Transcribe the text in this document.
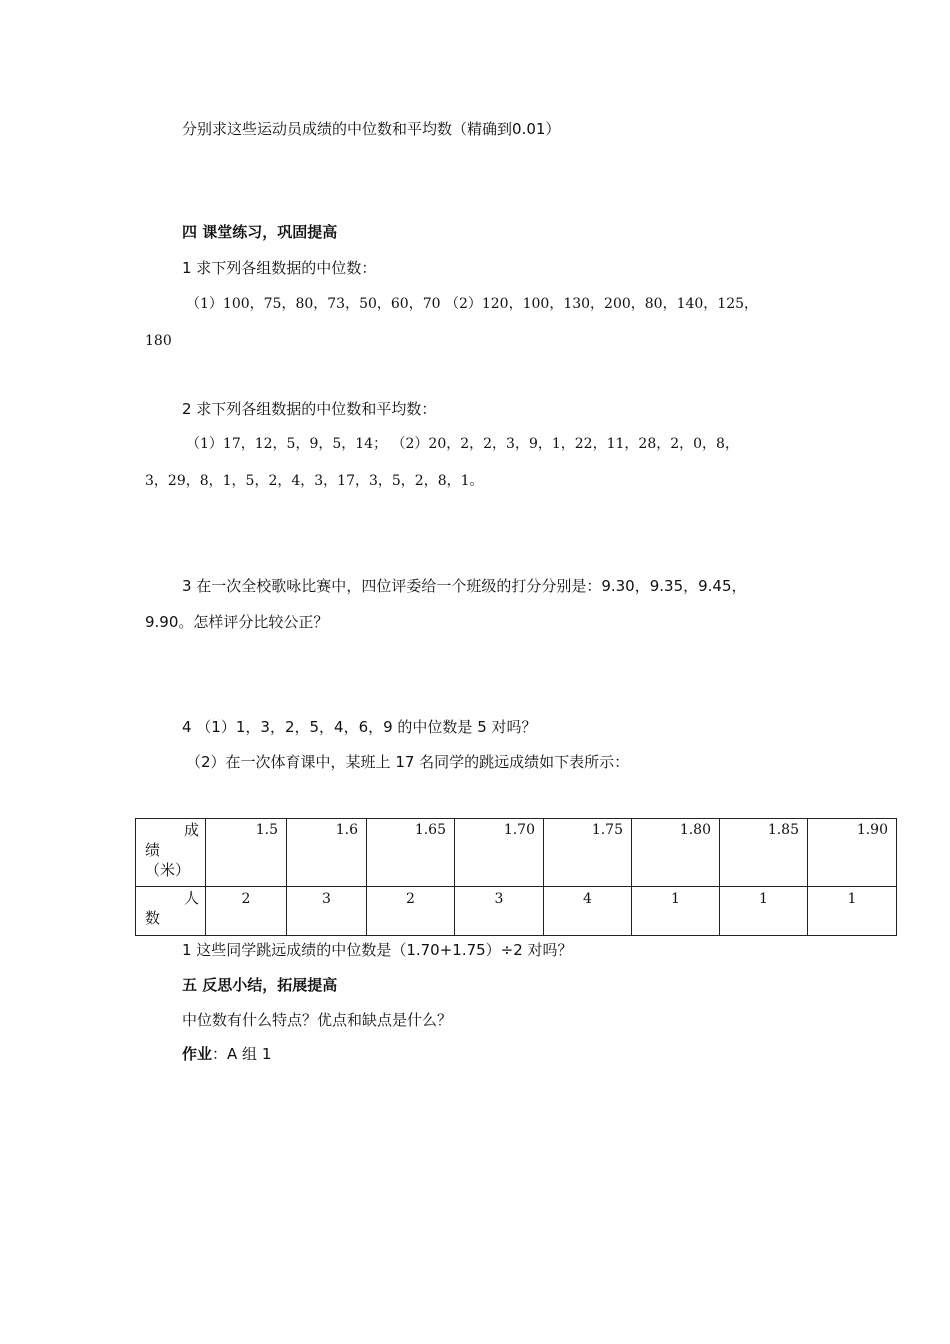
分别求这些运动员成绩的中位数和平均数（精确到0.01）
四 课堂练习，巩固提高
1 求下列各组数据的中位数：
（1）100，75，80，73，50，60，70 （2）120，100，130，200，80，140，125，
180
2 求下列各组数据的中位数和平均数：
（1）17，12，5，9，5，14； （2）20，2，2，3，9，1，22，11，28，2，0，8，
3，29，8，1，5，2，4，3，17，3，5，2，8，1。
3 在一次全校歌咏比赛中，四位评委给一个班级的打分分别是：9.30，9.35，9.45，
9.90。怎样评分比较公正？
4 （1）1，3，2，5，4，6，9 的中位数是 5 对吗？
（2）在一次体育课中，某班上 17 名同学的跳远成绩如下表所示：
成
绩
（米）	1.5	1.6	1.65	1.70	1.75	1.80	1.85	1.90

人
数	2	3	2	3	4	1	1	1
1 这些同学跳远成绩的中位数是（1.70+1.75）÷2 对吗？
五 反思小结，拓展提高
中位数有什么特点？优点和缺点是什么？
作业：A 组 1
